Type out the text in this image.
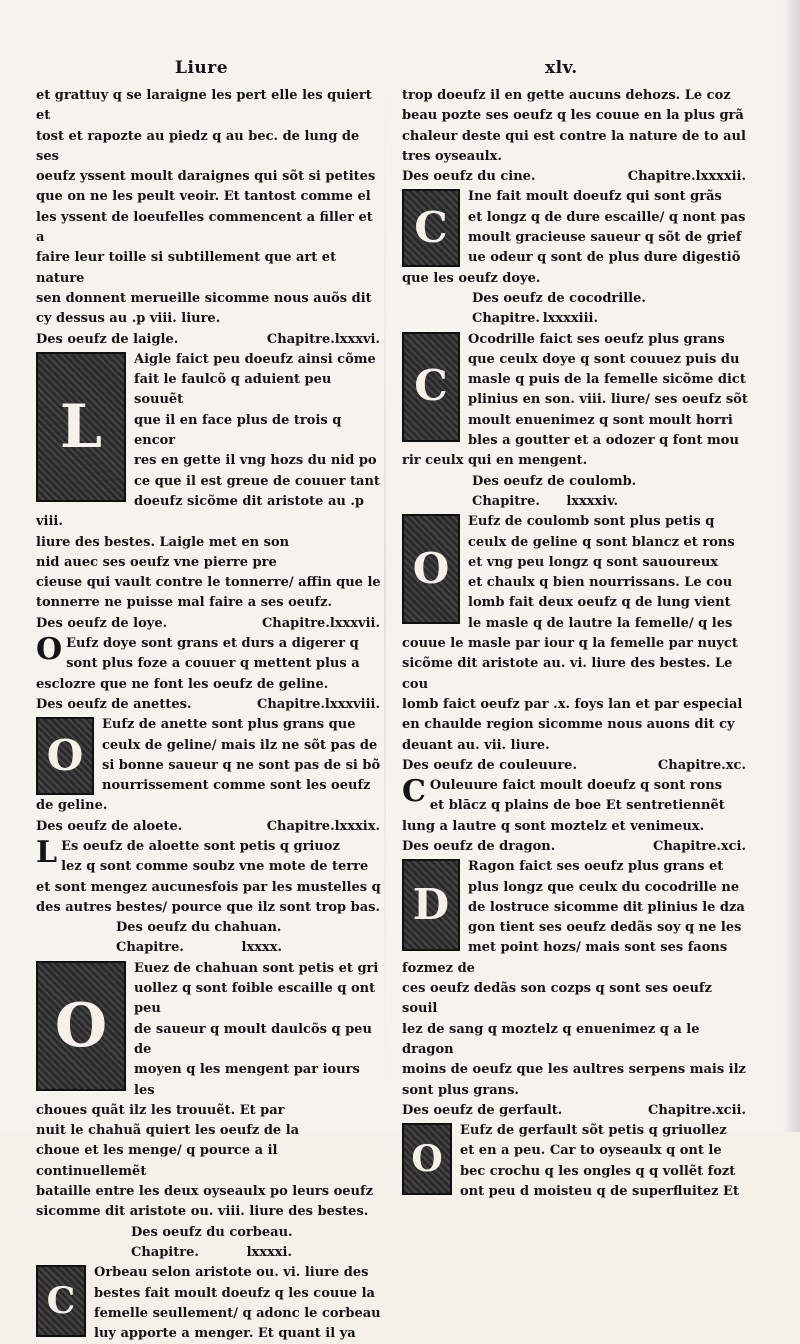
Liure	xlv.

et grattuy q se laraigne les pert elle les quiert et

tost et rapozte au piedz q au bec. de lung de ses

oeufz yssent moult daraignes qui sõt si petites

que on ne les peult veoir. Et tantost comme el

les yssent de loeufelles commencent a filler et a

faire leur toille si subtillement que art et nature

sen donnent merueille sicomme nous auõs dit

cy dessus au .p viii. liure.

Des oeufz de laigle.	Chapitre.lxxxvi.
L

Aigle faict peu doeufz ainsi cõme

fait le faulcõ q aduient peu souuẽt

que il en face plus de trois q encor

res en gette il vng hozs du nid po

ce que il est greue de couuer tant

doeufz sicõme dit aristote au .p viii.

liure des bestes. Laigle met en son

nid auec ses oeufz vne pierre pre

cieuse qui vault contre le tonnerre/ affin que le

tonnerre ne puisse mal faire a ses oeufz.

Des oeufz de loye.	Chapitre.lxxxvii.
O Eufz doye sont grans et durs a digerer q

sont plus foze a couuer q mettent plus a

esclozre que ne font les oeufz de geline.

Des oeufz de anettes.	Chapitre.lxxxviii.
O

Eufz de anette sont plus grans que

ceulx de geline/ mais ilz ne sõt pas de

si bonne saueur q ne sont pas de si bõ

nourrissement comme sont les oeufz

de geline.

Des oeufz de aloete.	Chapitre.lxxxix.
L Es oeufz de aloette sont petis q griuoz

lez q sont comme soubz vne mote de terre

et sont mengez aucunesfois par les mustelles q

des autres bestes/ pource que ilz sont trop bas.

Des oeufz du chahuan.
Chapitre.	lxxxx.
O

Euez de chahuan sont petis et gri

uollez q sont foible escaille q ont peu

de saueur q moult daulcõs q peu de

moyen q les mengent par iours les

choues quãt ilz les trouuẽt. Et par

nuit le chahuã quiert les oeufz de la

choue et les menge/ q pource a il continuellemẽt

bataille entre les deux oyseaulx po leurs oeufz

sicomme dit aristote ou. viii. liure des bestes.

Des oeufz du corbeau.
Chapitre.	lxxxxi.
C

Orbeau selon aristote ou. vi. liure des

bestes fait moult doeufz q les couue la

femelle seullement/ q adonc le corbeau

luy apporte a menger. Et quant il ya

trop doeufz il en gette aucuns dehozs. Le coz

beau pozte ses oeufz q les couue en la plus grã

chaleur deste qui est contre la nature de to aul

tres oyseaulx.

Des oeufz du cine.	Chapitre.lxxxxii.
C

Ine fait moult doeufz qui sont grãs

et longz q de dure escaille/ q nont pas

moult gracieuse saueur q sõt de grief

ue odeur q sont de plus dure digestiõ

que les oeufz doye.

Des oeufz de cocodrille.
Chapitre. lxxxxiii.
C

Ocodrille faict ses oeufz plus grans

que ceulx doye q sont couuez puis du

masle q puis de la femelle sicõme dict

plinius en son. viii. liure/ ses oeufz sõt

moult enuenimez q sont moult horri

bles a goutter et a odozer q font mou

rir ceulx qui en mengent.

Des oeufz de coulomb.
Chapitre. lxxxxiv.
O

Eufz de coulomb sont plus petis q

ceulx de geline q sont blancz et rons

et vng peu longz q sont sauoureux

et chaulx q bien nourrissans. Le cou

lomb fait deux oeufz q de lung vient

le masle q de lautre la femelle/ q les

couue le masle par iour q la femelle par nuyct

sicõme dit aristote au. vi. liure des bestes. Le cou

lomb faict oeufz par .x. foys lan et par especial

en chaulde region sicomme nous auons dit cy

deuant au. vii. liure.

Des oeufz de couleuure.	Chapitre.xc.
C Ouleuure faict moult doeufz q sont rons

et blācz q plains de boe Et sentretiennẽt

lung a lautre q sont moztelz et venimeux.

Des oeufz de dragon.	Chapitre.xci.
D

Ragon faict ses oeufz plus grans et

plus longz que ceulx du cocodrille ne

de lostruce sicomme dit plinius le dza

gon tient ses oeufz dedãs soy q ne les

met point hozs/ mais sont ses faons fozmez de

ces oeufz dedãs son cozps q sont ses oeufz souil

lez de sang q moztelz q enuenimez q a le dragon

moins de oeufz que les aultres serpens mais ilz

sont plus grans.

Des oeufz de gerfault.	Chapitre.xcii.
O

Eufz de gerfault sõt petis q griuollez

et en a peu. Car to oyseaulx q ont le

bec crochu q les ongles q q vollẽt fozt

ont peu d moisteu q de superfluitez Et
